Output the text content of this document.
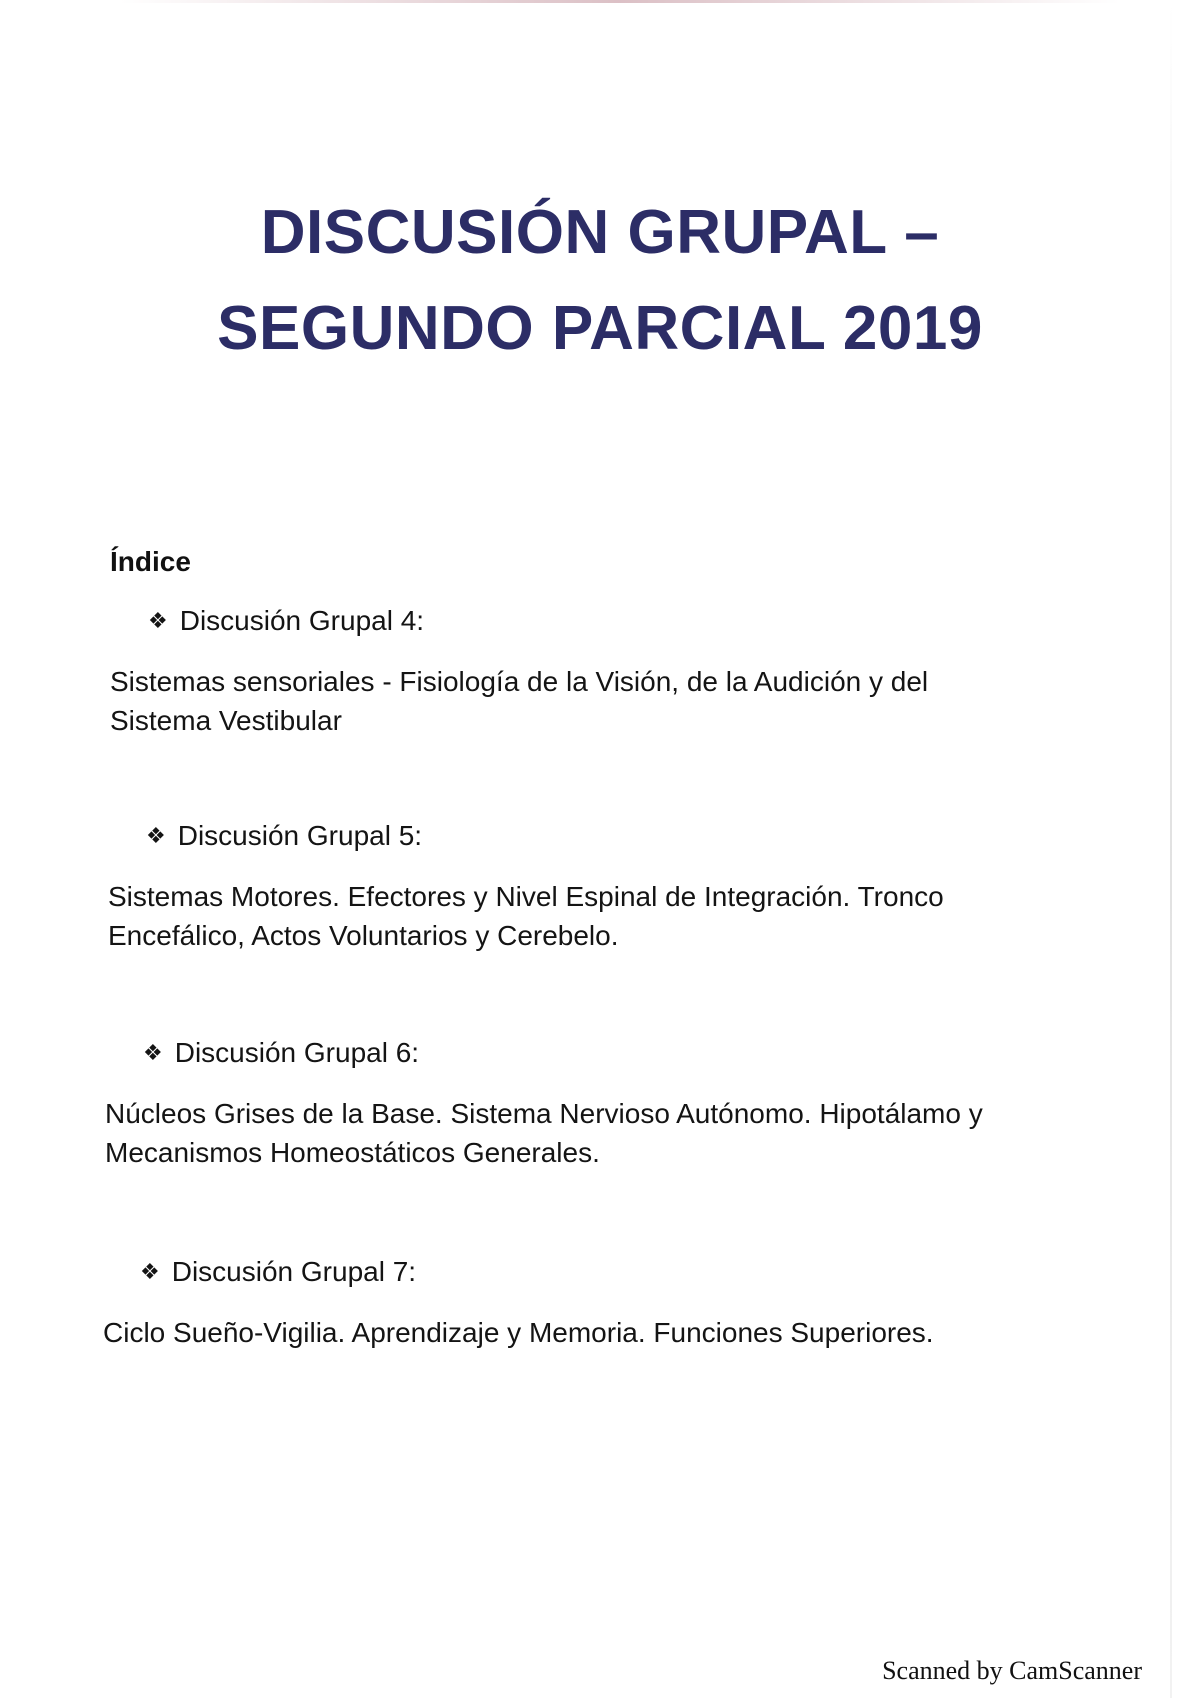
DISCUSIÓN GRUPAL –
SEGUNDO PARCIAL 2019
Índice
❖ Discusión Grupal 4:
Sistemas sensoriales - Fisiología de la Visión, de la Audición y del
Sistema Vestibular
❖ Discusión Grupal 5:
Sistemas Motores. Efectores y Nivel Espinal de Integración. Tronco
Encefálico, Actos Voluntarios y Cerebelo.
❖ Discusión Grupal 6:
Núcleos Grises de la Base. Sistema Nervioso Autónomo. Hipotálamo y
Mecanismos Homeostáticos Generales.
❖ Discusión Grupal 7:
Ciclo Sueño-Vigilia. Aprendizaje y Memoria. Funciones Superiores.
Scanned by CamScanner
